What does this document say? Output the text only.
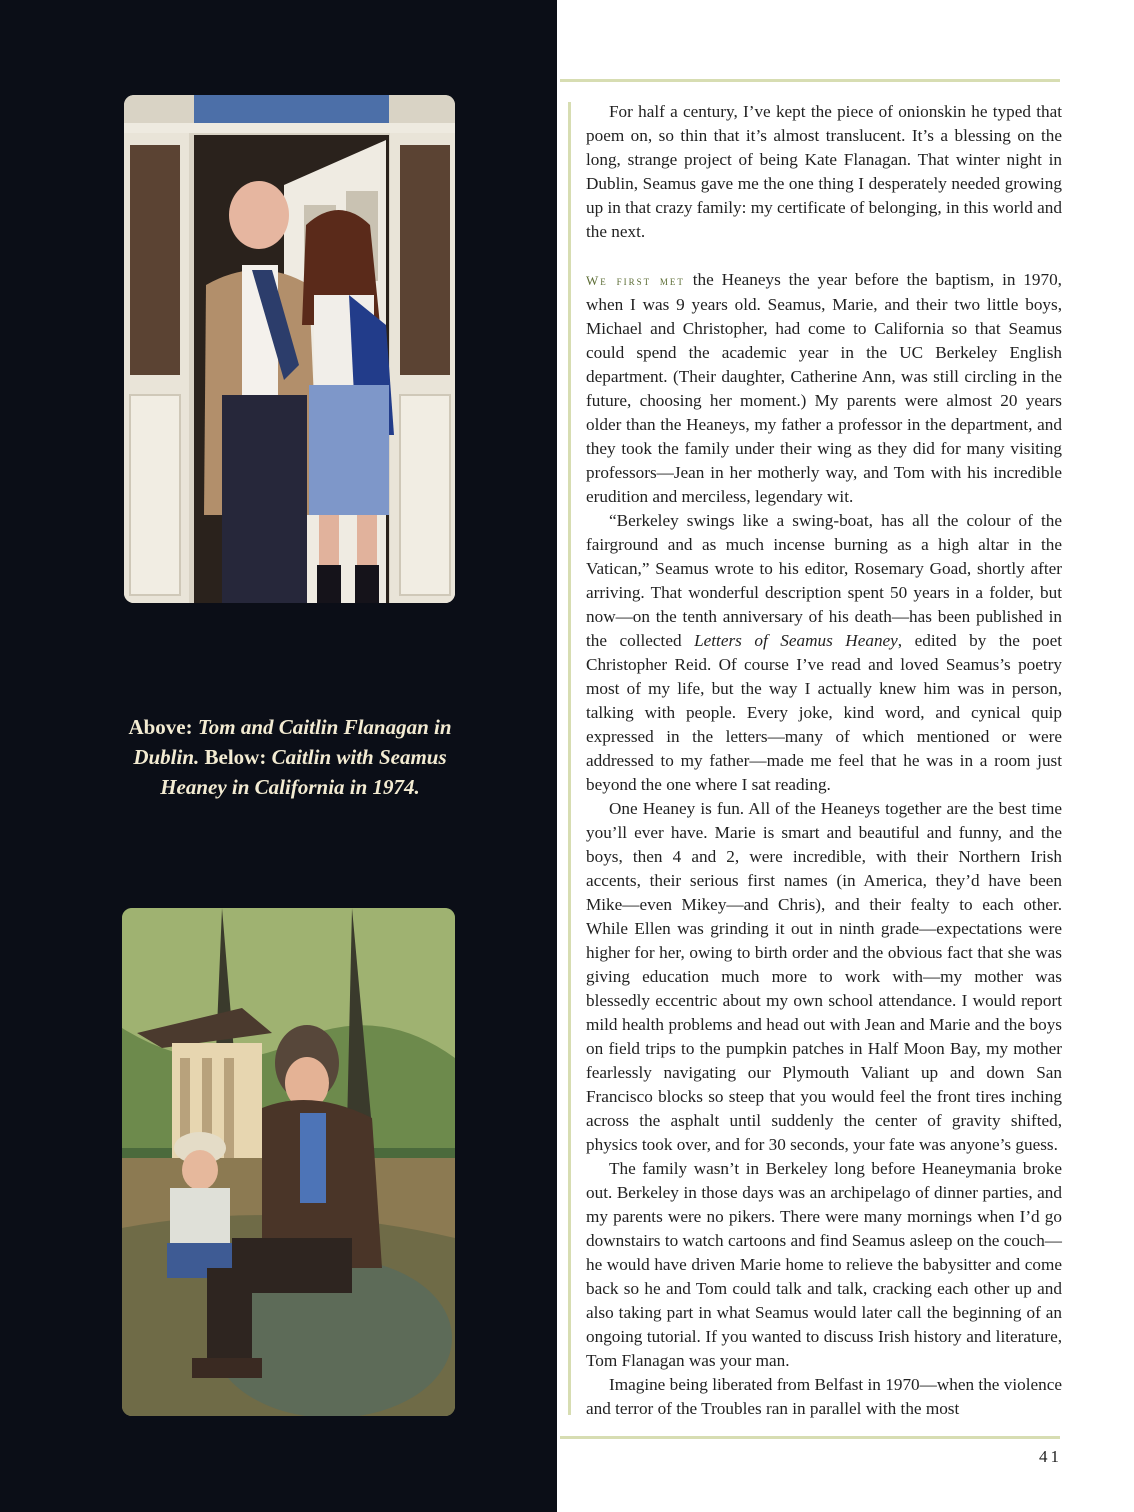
Above: Tom and Caitlin Flanagan in Dublin. Below: Caitlin with Seamus Heaney in California in 1974.

For half a century, I’ve kept the piece of onionskin he typed that poem on, so thin that it’s almost translucent. It’s a blessing on the long, strange project of being Kate Flanagan. That winter night in Dublin, Seamus gave me the one thing I desperately needed growing up in that crazy family: my certificate of belonging, in this world and the next.

We first met the Heaneys the year before the baptism, in 1970, when I was 9 years old. Seamus, Marie, and their two little boys, Michael and Christopher, had come to California so that Seamus could spend the academic year in the UC Berkeley English department. (Their daughter, Catherine Ann, was still circling in the future, choosing her moment.) My parents were almost 20 years older than the Heaneys, my father a professor in the department, and they took the family under their wing as they did for many visiting professors—Jean in her motherly way, and Tom with his incredible erudition and merciless, legendary wit.

“Berkeley swings like a swing-boat, has all the colour of the fairground and as much incense burning as a high altar in the Vatican,” Seamus wrote to his editor, Rosemary Goad, shortly after arriving. That wonderful description spent 50 years in a folder, but now—on the tenth anniversary of his death—has been published in the collected Letters of Seamus Heaney, edited by the poet Christopher Reid. Of course I’ve read and loved Seamus’s poetry most of my life, but the way I actually knew him was in person, talking with people. Every joke, kind word, and cynical quip expressed in the letters—many of which mentioned or were addressed to my father—made me feel that he was in a room just beyond the one where I sat reading.

One Heaney is fun. All of the Heaneys together are the best time you’ll ever have. Marie is smart and beautiful and funny, and the boys, then 4 and 2, were incredible, with their Northern Irish accents, their serious first names (in America, they’d have been Mike—even Mikey—and Chris), and their fealty to each other. While Ellen was grinding it out in ninth grade—expectations were higher for her, owing to birth order and the obvious fact that she was giving education much more to work with—my mother was blessedly eccentric about my own school attendance. I would report mild health problems and head out with Jean and Marie and the boys on field trips to the pumpkin patches in Half Moon Bay, my mother fearlessly navigating our Plymouth Valiant up and down San Francisco blocks so steep that you would feel the front tires inching across the asphalt until suddenly the center of gravity shifted, physics took over, and for 30 seconds, your fate was anyone’s guess.

The family wasn’t in Berkeley long before Heaneymania broke out. Berkeley in those days was an archipelago of dinner parties, and my parents were no pikers. There were many mornings when I’d go downstairs to watch cartoons and find Seamus asleep on the couch—he would have driven Marie home to relieve the babysitter and come back so he and Tom could talk and talk, cracking each other up and also taking part in what Seamus would later call the beginning of an ongoing tutorial. If you wanted to discuss Irish history and literature, Tom Flanagan was your man.

Imagine being liberated from Belfast in 1970—when the violence and terror of the Troubles ran in parallel with the most

41
